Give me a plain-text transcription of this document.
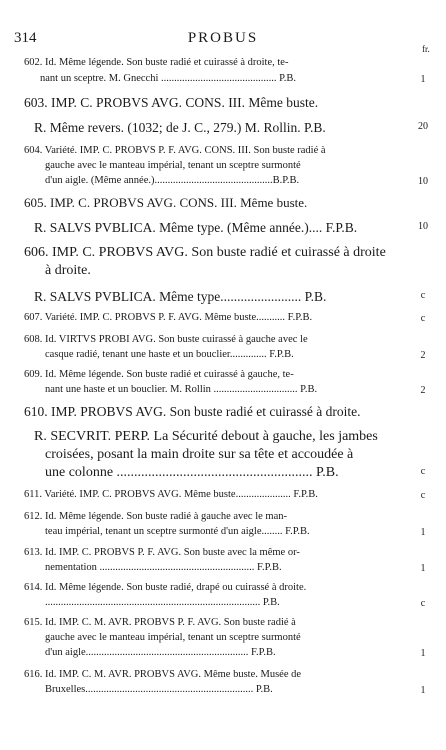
314	PROBUS
fr.
602. Id. Même légende. Son buste radié et cuirassé à droite, te-
nant un sceptre. M. Gnecchi ............................................ P.B.	1
603. IMP. C. PROBVS AVG. CONS. III. Même buste.
R. Même revers. (1032; de J. C., 279.) M. Rollin. P.B.	20
604. Variété. IMP. C. PROBVS P. F. AVG. CONS. III. Son buste radié à
gauche avec le manteau impérial, tenant un sceptre surmonté
d'un aigle. (Même année.).............................................B.P.B.	10
605. IMP. C. PROBVS AVG. CONS. III. Même buste.
R. SALVS PVBLICA. Même type. (Même année.).... F.P.B.	10
606. IMP. C. PROBVS AVG. Son buste radié et cuirassé à droite
à droite.
R. SALVS PVBLICA. Même type........................ P.B.	c
607. Variété. IMP. C. PROBVS P. F. AVG. Même buste........... F.P.B.	c
608. Id. VIRTVS PROBI AVG. Son buste cuirassé à gauche avec le
casque radié, tenant une haste et un bouclier.............. F.P.B.	2
609. Id. Même légende. Son buste radié et cuirassé à gauche, te-
nant une haste et un bouclier. M. Rollin ................................ P.B.	2
610. IMP. PROBVS AVG. Son buste radié et cuirassé à droite.
R. SECVRIT. PERP. La Sécurité debout à gauche, les jambes
croisées, posant la main droite sur sa tête et accoudée à
une colonne ........................................................ P.B.	c
611. Variété. IMP. C. PROBVS AVG. Même buste..................... F.P.B.	c
612. Id. Même légende. Son buste radié à gauche avec le man-
teau impérial, tenant un sceptre surmonté d'un aigle........ F.P.B.	1
613. Id. IMP. C. PROBVS P. F. AVG. Son buste avec la même or-
nementation ........................................................... F.P.B.	1
614. Id. Même légende. Son buste radié, drapé ou cuirassé à droite.
.................................................................................. P.B.	c
615. Id. IMP. C. M. AVR. PROBVS P. F. AVG. Son buste radié à
gauche avec le manteau impérial, tenant un sceptre surmonté
d'un aigle.............................................................. F.P.B.	1
616. Id. IMP. C. M. AVR. PROBVS AVG. Même buste. Musée de
Bruxelles................................................................ P.B.	1
